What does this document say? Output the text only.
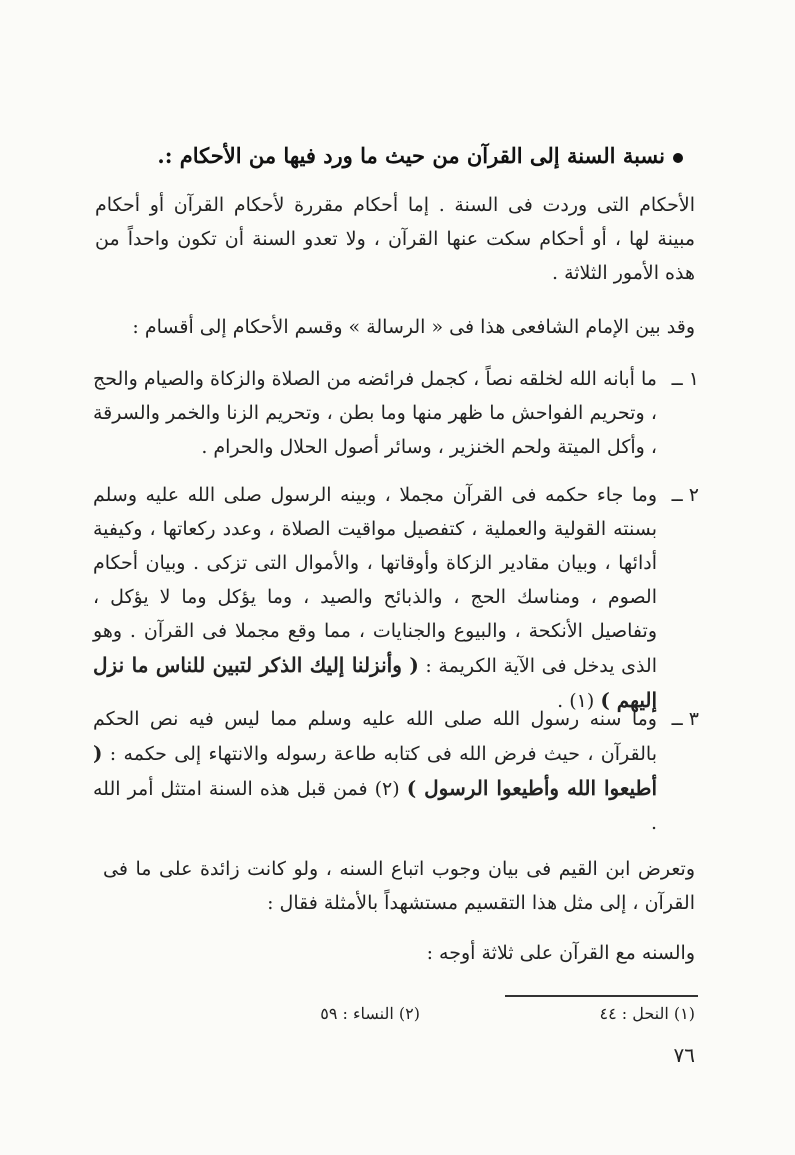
نسبة السنة إلى القرآن من حيث ما ورد فيها من الأحكام :.
الأحكام التى وردت فى السنة . إما أحكام مقررة لأحكام القرآن أو أحكام مبينة لها ، أو أحكام سكت عنها القرآن ، ولا تعدو السنة أن تكون واحداً من هذه الأمور الثلاثة .
وقد بين الإمام الشافعى هذا فى « الرسالة » وقسم الأحكام إلى أقسام :
١ ــ
ما أبانه الله لخلقه نصاً ، كجمل فرائضه من الصلاة والزكاة والصيام والحج ، وتحريم الفواحش ما ظهر منها وما بطن ، وتحريم الزنا والخمر والسرقة ، وأكل الميتة ولحم الخنزير ، وسائر أصول الحلال والحرام .
٢ ــ
وما جاء حكمه فى القرآن مجملا ، وبينه الرسول صلى الله عليه وسلم بسنته القولية والعملية ، كتفصيل مواقيت الصلاة ، وعدد ركعاتها ، وكيفية أدائها ، وبيان مقادير الزكاة وأوقاتها ، والأموال التى تزكى . وبيان أحكام الصوم ، ومناسك الحج ، والذبائح والصيد ، وما يؤكل وما لا يؤكل ، وتفاصيل الأنكحة ، والبيوع والجنايات ، مما وقع مجملا فى القرآن . وهو الذى يدخل فى الآية الكريمة : ( وأنزلنا إليك الذكر لتبين للناس ما نزل إليهم ) (١) .
٣ ــ
وما سنه رسول الله صلى الله عليه وسلم مما ليس فيه نص الحكم بالقرآن ، حيث فرض الله فى كتابه طاعة رسوله والانتهاء إلى حكمه : ( أطيعوا الله وأطيعوا الرسول ) (٢) فمن قبل هذه السنة امتثل أمر الله .
وتعرض ابن القيم فى بيان وجوب اتباع السنه ، ولو كانت زائدة على ما فى القرآن ، إلى مثل هذا التقسيم مستشهداً بالأمثلة فقال :
والسنه مع القرآن على ثلاثة أوجه :
(١) النحل : ٤٤
(٢) النساء : ٥٩
٧٦
